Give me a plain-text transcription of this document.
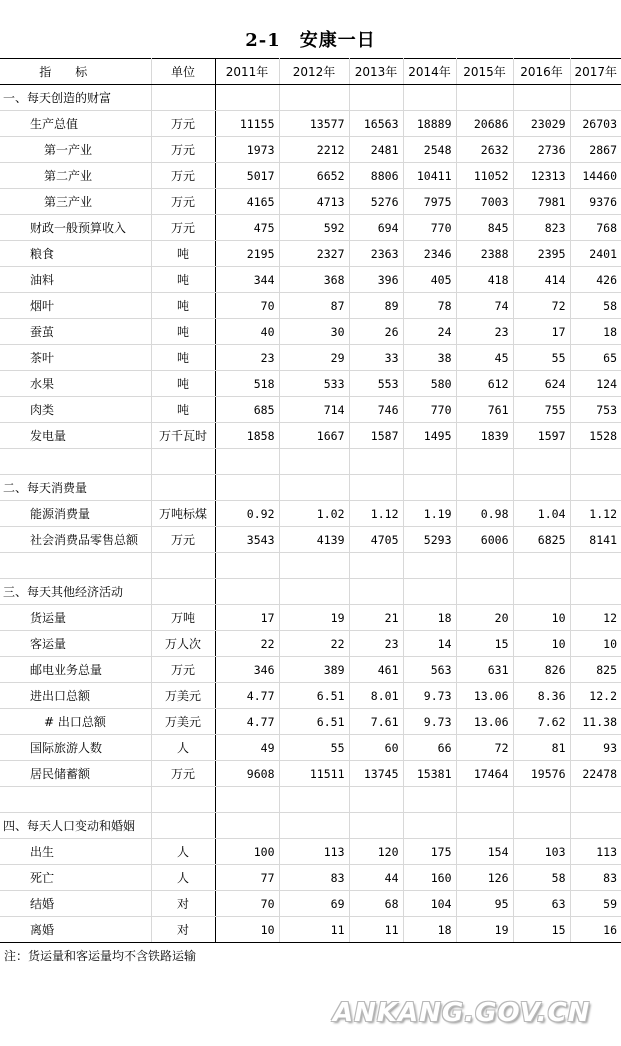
2-1　安康一日
指标	单位	2011年	2012年	2013年	2014年	2015年	2016年	2017年
一、每天创造的财富								
生产总值	万元	11155	13577	16563	18889	20686	23029	26703
第一产业	万元	1973	2212	2481	2548	2632	2736	2867
第二产业	万元	5017	6652	8806	10411	11052	12313	14460
第三产业	万元	4165	4713	5276	7975	7003	7981	9376
财政一般预算收入	万元	475	592	694	770	845	823	768
粮食	吨	2195	2327	2363	2346	2388	2395	2401
油料	吨	344	368	396	405	418	414	426
烟叶	吨	70	87	89	78	74	72	58
蚕茧	吨	40	30	26	24	23	17	18
茶叶	吨	23	29	33	38	45	55	65
水果	吨	518	533	553	580	612	624	124
肉类	吨	685	714	746	770	761	755	753
发电量	万千瓦时	1858	1667	1587	1495	1839	1597	1528

二、每天消费量								
能源消费量	万吨标煤	0.92	1.02	1.12	1.19	0.98	1.04	1.12
社会消费品零售总额	万元	3543	4139	4705	5293	6006	6825	8141

三、每天其他经济活动								
货运量	万吨	17	19	21	18	20	10	12
客运量	万人次	22	22	23	14	15	10	10
邮电业务总量	万元	346	389	461	563	631	826	825
进出口总额	万美元	4.77	6.51	8.01	9.73	13.06	8.36	12.2
# 出口总额	万美元	4.77	6.51	7.61	9.73	13.06	7.62	11.38
国际旅游人数	人	49	55	60	66	72	81	93
居民储蓄额	万元	9608	11511	13745	15381	17464	19576	22478

四、每天人口变动和婚姻								
出生	人	100	113	120	175	154	103	113
死亡	人	77	83	44	160	126	58	83
结婚	对	70	69	68	104	95	63	59
离婚	对	10	11	11	18	19	15	16
注：货运量和客运量均不含铁路运输
ANKANG.GOV.CN
